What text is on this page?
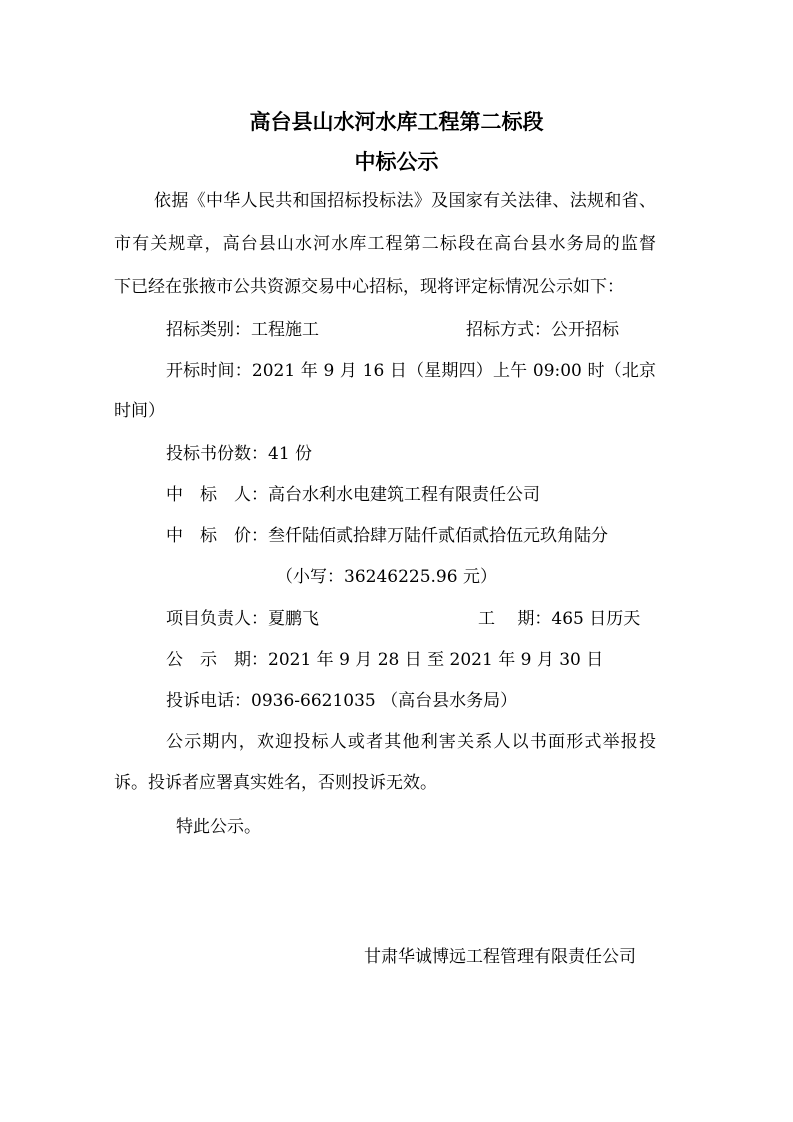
高台县山水河水库工程第二标段
中标公示
依据《中华人民共和国招标投标法》及国家有关法律、法规和省、
市有关规章，高台县山水河水库工程第二标段在高台县水务局的监督
下已经在张掖市公共资源交易中心招标，现将评定标情况公示如下：
招标类别：工程施工	招标方式：公开招标
开标时间：2021 年 9 月 16 日（星期四）上午 09:00 时（北京
时间）
投标书份数：41 份
中　标　人：高台水利水电建筑工程有限责任公司
中　标　价：叁仟陆佰贰拾肆万陆仟贰佰贰拾伍元玖角陆分
（小写：36246225.96 元）
项目负责人：夏鹏飞	工　 期：465 日历天
公　示　期：2021 年 9 月 28 日 至 2021 年 9 月 30 日
投诉电话：0936-6621035 （高台县水务局）
公示期内，欢迎投标人或者其他利害关系人以书面形式举报投
诉。投诉者应署真实姓名，否则投诉无效。
特此公示。
甘肃华诚博远工程管理有限责任公司
